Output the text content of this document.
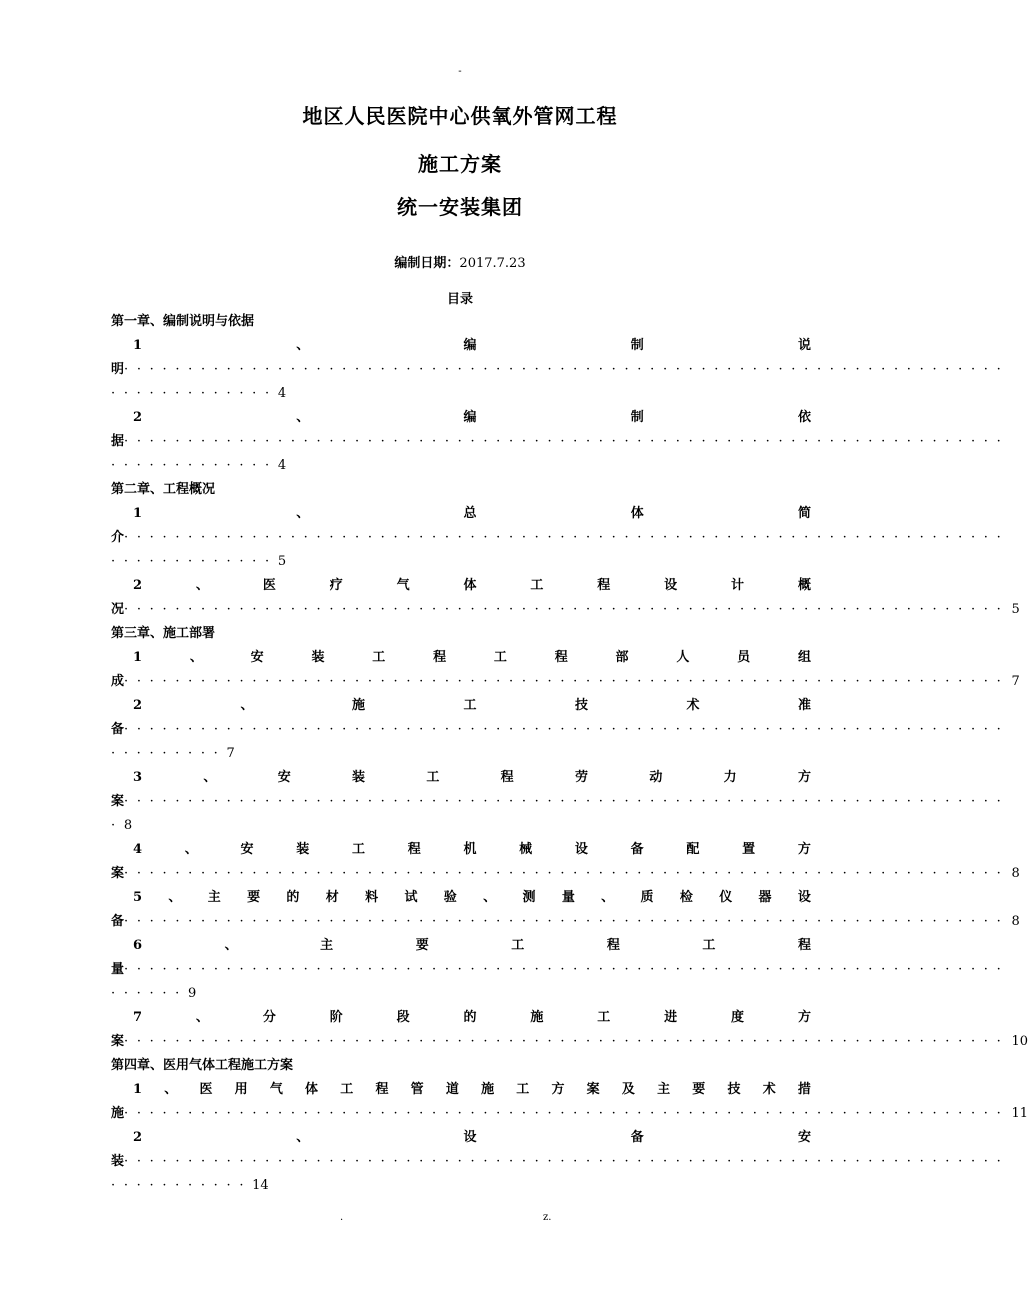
-
地区人民医院中心供氧外管网工程
施工方案
统一安装集团
编制日期：2017.7.23
目录
第一章、编制说明与依据
1	、	编	制	说
明 ·····································································
·············4
2	、	编	制	依
据 ·····································································
·············4
第二章、工程概况
1	、	总	体	简
介 ·····································································
·············5
2	、	医	疗	气	体	工	程	设	计	概
况 ····································································· 5
第三章、施工部署
1	、	安	装	工	程	工	程	部	人	员	组
成 ····································································· 7
2	、	施	工	技	术	准
备 ·····································································
·········7
3	、	安	装	工	程	劳	动	力	方
案 ·····································································
·8
4	、	安	装	工	程	机	械	设	备	配	置	方
案 ····································································· 8
5 、 主 要 的 材 料 试 验 、 测 量 、 质 检 仪 器 设
备 ····································································· 8
6	、	主	要	工	程	工	程
量 ·····································································
······9
7	、	分	阶	段	的	施	工	进	度	方
案 ····································································· 10
第四章、医用气体工程施工方案
1 、 医 用 气 体 工 程 管 道 施 工 方 案 及 主 要 技 术 措
施 ····································································· 11
2	、	设	备	安
装 ·····································································
···········14
.	z.
